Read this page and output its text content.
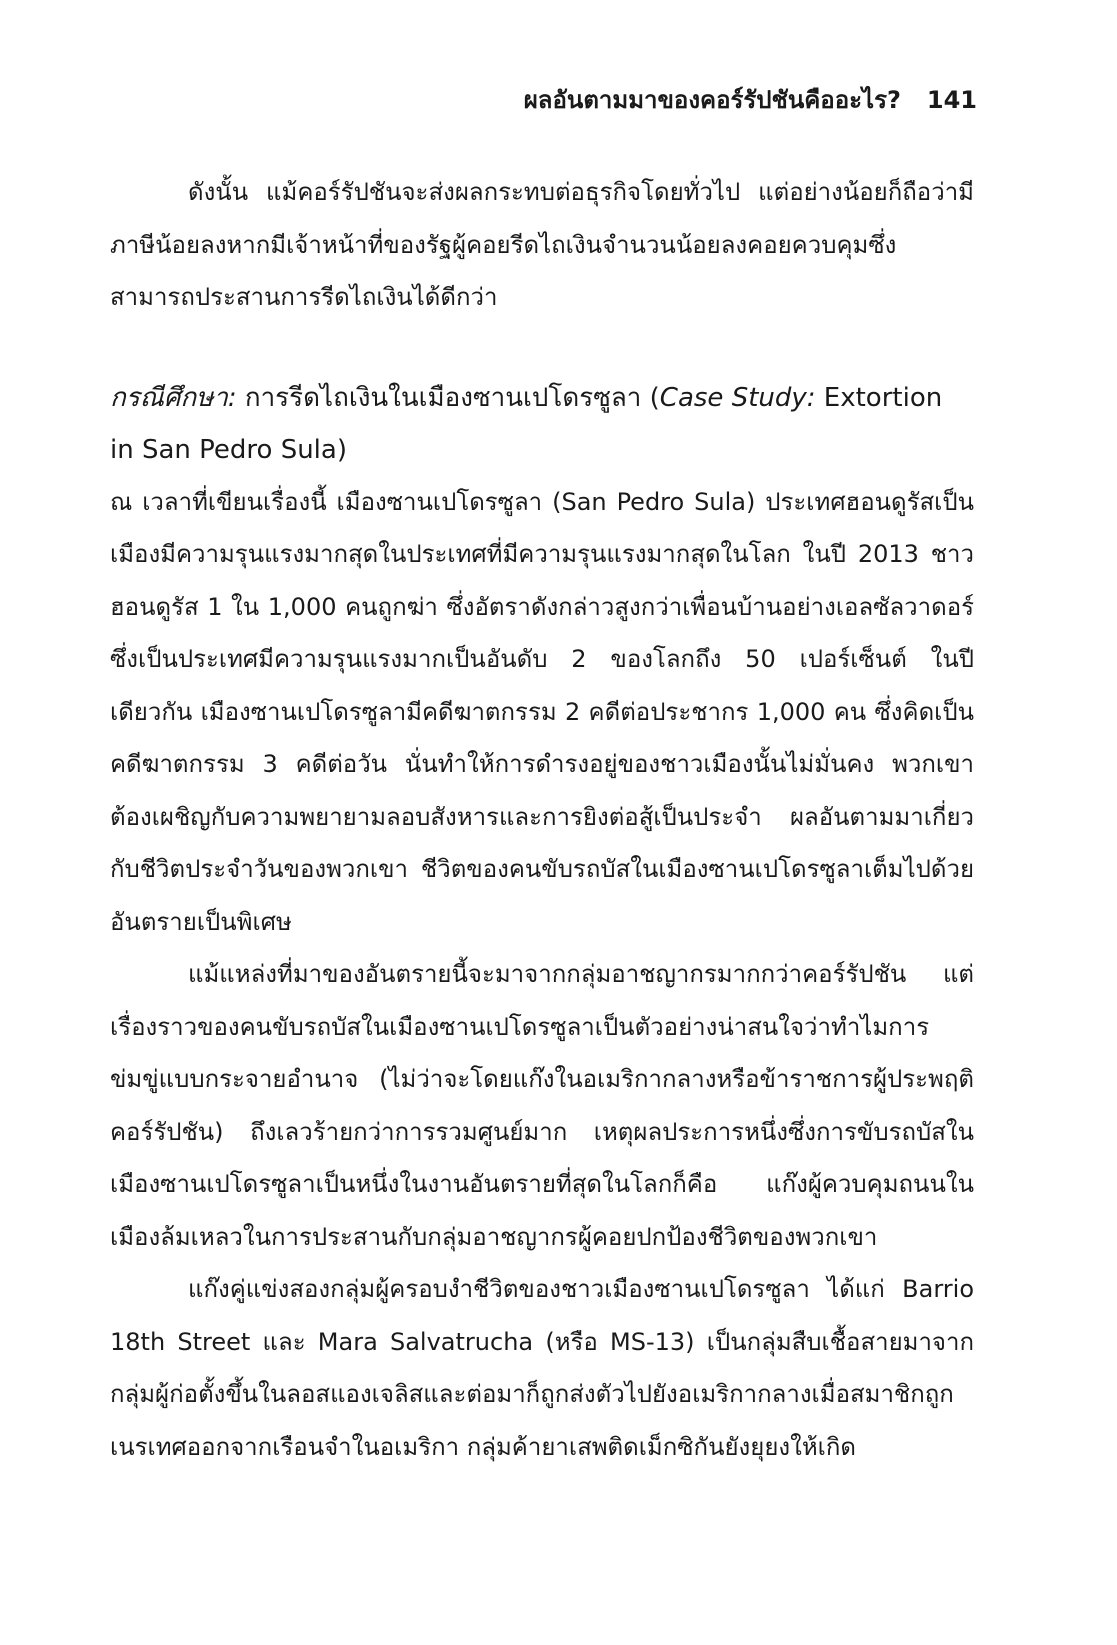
ผลอันตามมาของคอร์รัปชันคืออะไร? 141

ดังนั้น แม้คอร์รัปชันจะส่งผลกระทบต่อธุรกิจโดยทั่วไป แต่อย่างน้อยก็ถือว่ามีภาษีน้อยลงหากมีเจ้าหน้าที่ของรัฐผู้คอยรีดไถเงินจำนวนน้อยลงคอยควบคุมซึ่งสามารถประสานการรีดไถเงินได้ดีกว่า

กรณีศึกษา: การรีดไถเงินในเมืองซานเปโดรซูลา (Case Study: Extortion in San Pedro Sula)

ณ เวลาที่เขียนเรื่องนี้ เมืองซานเปโดรซูลา (San Pedro Sula) ประเทศฮอนดูรัสเป็นเมืองมีความรุนแรงมากสุดในประเทศที่มีความรุนแรงมากสุดในโลก ในปี 2013 ชาวฮอนดูรัส 1 ใน 1,000 คนถูกฆ่า ซึ่งอัตราดังกล่าวสูงกว่าเพื่อนบ้านอย่างเอลซัลวาดอร์ ซึ่งเป็นประเทศมีความรุนแรงมากเป็นอันดับ 2 ของโลกถึง 50 เปอร์เซ็นต์ ในปีเดียวกัน เมืองซานเปโดรซูลามีคดีฆาตกรรม 2 คดีต่อประชากร 1,000 คน ซึ่งคิดเป็นคดีฆาตกรรม 3 คดีต่อวัน นั่นทำให้การดำรงอยู่ของชาวเมืองนั้นไม่มั่นคง พวกเขาต้องเผชิญกับความพยายามลอบสังหารและการยิงต่อสู้เป็นประจำ ผลอันตามมาเกี่ยวกับชีวิตประจำวันของพวกเขา ชีวิตของคนขับรถบัสในเมืองซานเปโดรซูลาเต็มไปด้วยอันตรายเป็นพิเศษ

แม้แหล่งที่มาของอันตรายนี้จะมาจากกลุ่มอาชญากรมากกว่าคอร์รัปชัน แต่เรื่องราวของคนขับรถบัสในเมืองซานเปโดรซูลาเป็นตัวอย่างน่าสนใจว่าทำไมการข่มขู่แบบกระจายอำนาจ (ไม่ว่าจะโดยแก๊งในอเมริกากลางหรือข้าราชการผู้ประพฤติคอร์รัปชัน) ถึงเลวร้ายกว่าการรวมศูนย์มาก เหตุผลประการหนึ่งซึ่งการขับรถบัสในเมืองซานเปโดรซูลาเป็นหนึ่งในงานอันตรายที่สุดในโลกก็คือ แก๊งผู้ควบคุมถนนในเมืองล้มเหลวในการประสานกับกลุ่มอาชญากรผู้คอยปกป้องชีวิตของพวกเขา

แก๊งคู่แข่งสองกลุ่มผู้ครอบงำชีวิตของชาวเมืองซานเปโดรซูลา ได้แก่ Barrio 18th Street และ Mara Salvatrucha (หรือ MS-13) เป็นกลุ่มสืบเชื้อสายมาจากกลุ่มผู้ก่อตั้งขึ้นในลอสแองเจลิสและต่อมาก็ถูกส่งตัวไปยังอเมริกากลางเมื่อสมาชิกถูกเนรเทศออกจากเรือนจำในอเมริกา กลุ่มค้ายาเสพติดเม็กซิกันยังยุยงให้เกิด
